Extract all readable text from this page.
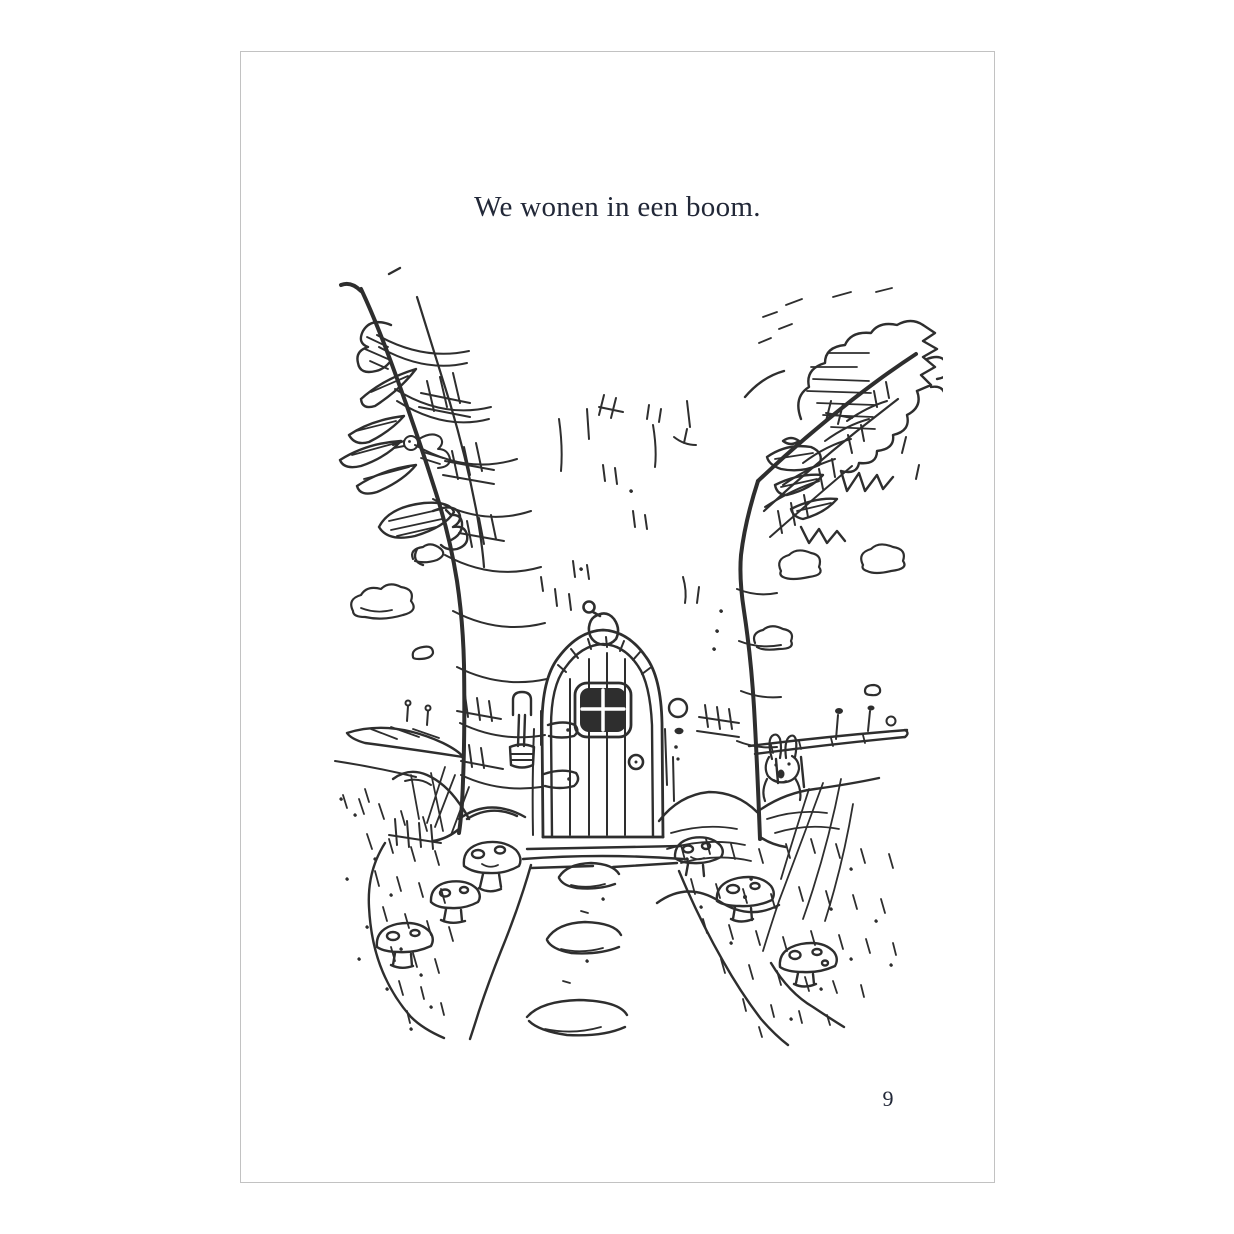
We wonen in een boom.
9
